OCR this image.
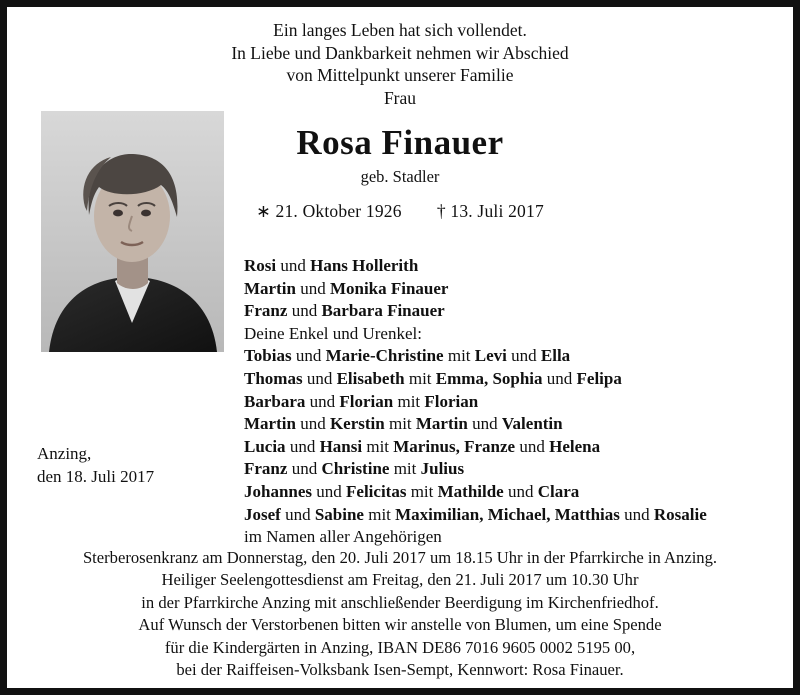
Ein langes Leben hat sich vollendet.
In Liebe und Dankbarkeit nehmen wir Abschied
von Mittelpunkt unserer Familie
Frau
Rosa Finauer
geb. Stadler
∗ 21. Oktober 1926 † 13. Juli 2017
Anzing,
den 18. Juli 2017
Rosi und Hans Hollerith
Martin und Monika Finauer
Franz und Barbara Finauer
Deine Enkel und Urenkel:
Tobias und Marie-Christine mit Levi und Ella
Thomas und Elisabeth mit Emma, Sophia und Felipa
Barbara und Florian mit Florian
Martin und Kerstin mit Martin und Valentin
Lucia und Hansi mit Marinus, Franze und Helena
Franz und Christine mit Julius
Johannes und Felicitas mit Mathilde und Clara
Josef und Sabine mit Maximilian, Michael, Matthias und Rosalie
im Namen aller Angehörigen
Sterberosenkranz am Donnerstag, den 20. Juli 2017 um 18.15 Uhr in der Pfarrkirche in Anzing.
Heiliger Seelengottesdienst am Freitag, den 21. Juli 2017 um 10.30 Uhr
in der Pfarrkirche Anzing mit anschließender Beerdigung im Kirchenfriedhof.
Auf Wunsch der Verstorbenen bitten wir anstelle von Blumen, um eine Spende
für die Kindergärten in Anzing, IBAN DE86 7016 9605 0002 5195 00,
bei der Raiffeisen-Volksbank Isen-Sempt, Kennwort: Rosa Finauer.
